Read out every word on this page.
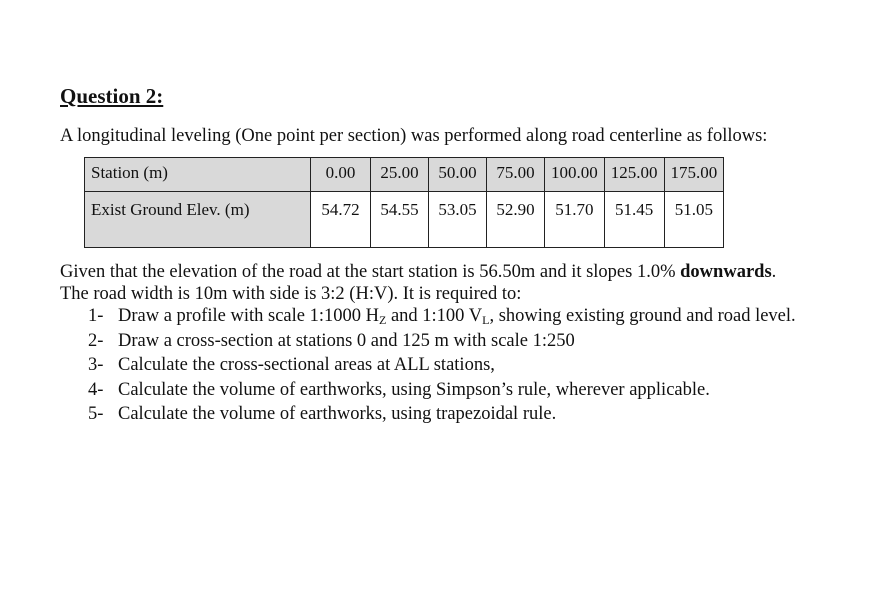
Question 2:
A longitudinal leveling (One point per section) was performed along road centerline as follows:
Station (m)	0.00	25.00	50.00	75.00	100.00	125.00	175.00
Exist Ground Elev. (m)	54.72	54.55	53.05	52.90	51.70	51.45	51.05
Given that the elevation of the road at the start station is 56.50m and it slopes 1.0% downwards.
The road width is 10m with side is 3:2 (H:V). It is required to:
1- Draw a profile with scale 1:1000 $H_Z$ and 1:100 $V_L$, showing existing ground and road level.
2- Draw a cross-section at stations 0 and 125 m with scale 1:250
3- Calculate the cross-sectional areas at ALL stations,
4- Calculate the volume of earthworks, using Simpson’s rule, wherever applicable.
5- Calculate the volume of earthworks, using trapezoidal rule.
